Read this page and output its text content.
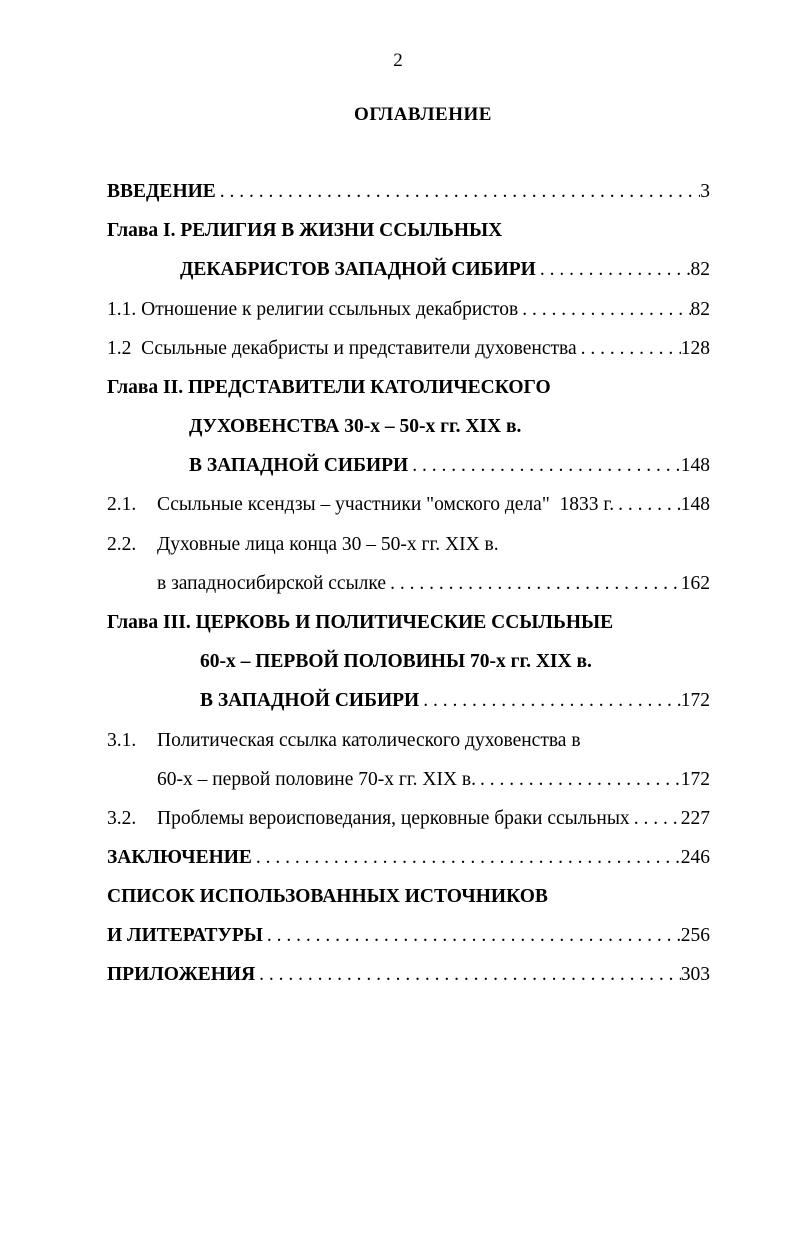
2
ОГЛАВЛЕНИЕ
ВВЕДЕНИЕ . . .	3
Глава I. РЕЛИГИЯ В ЖИЗНИ ССЫЛЬНЫХ
ДЕКАБРИСТОВ ЗАПАДНОЙ СИБИРИ . . .	82
1.1. Отношение к религии ссыльных декабристов . . .	82
1.2  Ссыльные декабристы и представители духовенства . . .	128
Глава II. ПРЕДСТАВИТЕЛИ КАТОЛИЧЕСКОГО
ДУХОВЕНСТВА 30-х – 50-х гг. XIX в.
В ЗАПАДНОЙ СИБИРИ . . .	148
2.1.	Ссыльные ксендзы – участники "омского дела"  1833 г. . . .	148
2.2.	Духовные лица конца 30 – 50-х гг. XIX в.
в западносибирской ссылке . . .	162
Глава III. ЦЕРКОВЬ И ПОЛИТИЧЕСКИЕ ССЫЛЬНЫЕ
60-х – ПЕРВОЙ ПОЛОВИНЫ 70-х гг. XIX в.
В ЗАПАДНОЙ СИБИРИ . . .	172
3.1.	Политическая ссылка католического духовенства в
60-х – первой половине 70-х гг. XIX в. . . .	172
3.2.	Проблемы вероисповедания, церковные браки ссыльных . . .	227
ЗАКЛЮЧЕНИЕ . . .	246
СПИСОК ИСПОЛЬЗОВАННЫХ ИСТОЧНИКОВ
И ЛИТЕРАТУРЫ . . .	256
ПРИЛОЖЕНИЯ . . .	303
